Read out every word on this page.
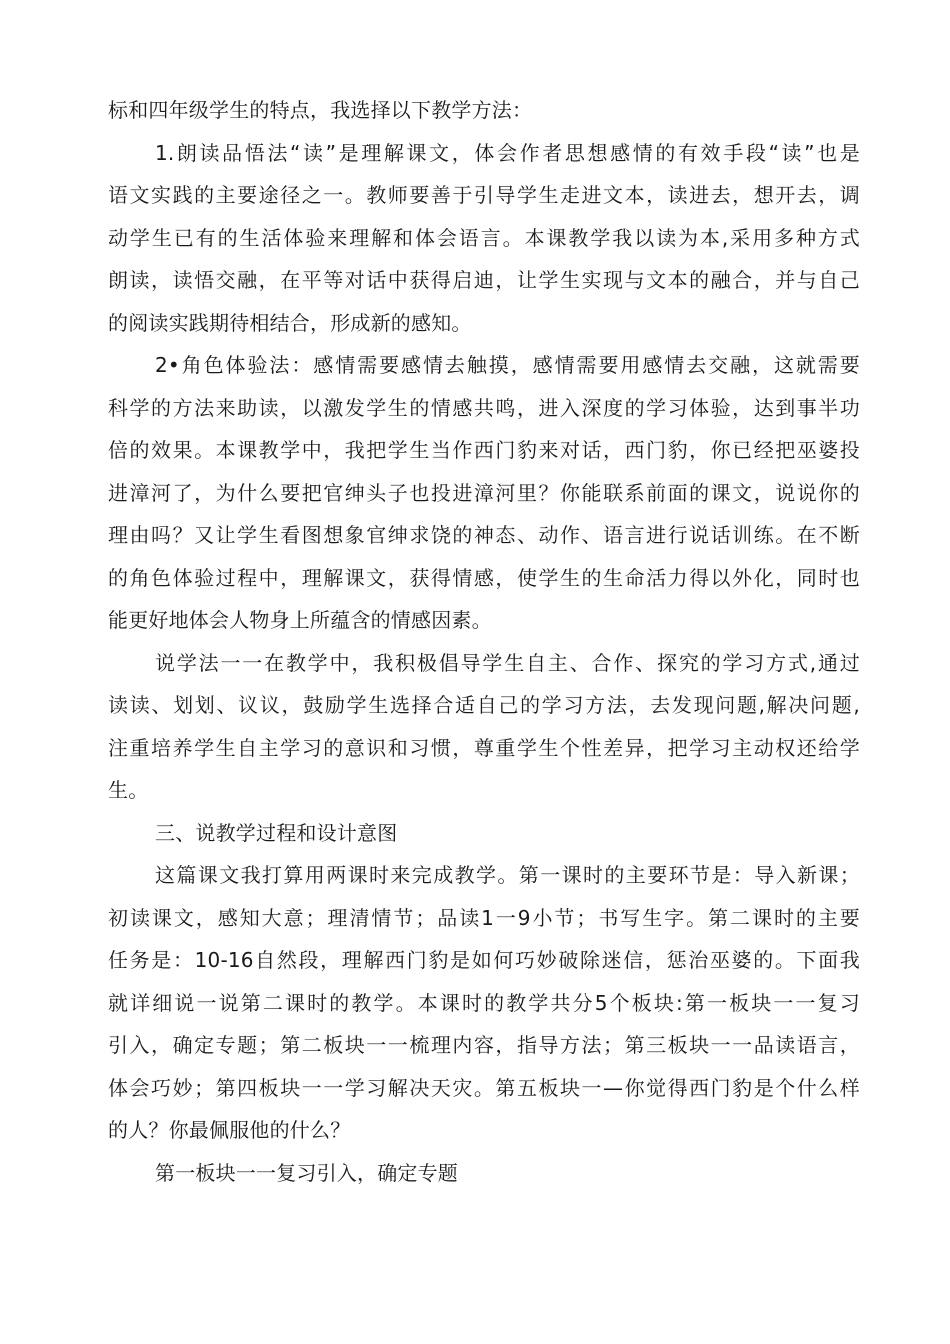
标和四年级学生的特点，我选择以下教学方法：
1.朗读品悟法“读”是理解课文，体会作者思想感情的有效手段“读”也是
语文实践的主要途径之一。教师要善于引导学生走进文本，读进去，想开去，调
动学生已有的生活体验来理解和体会语言。本课教学我以读为本,采用多种方式
朗读，读悟交融，在平等对话中获得启迪，让学生实现与文本的融合，并与自己
的阅读实践期待相结合，形成新的感知。
2•角色体验法：感情需要感情去触摸，感情需要用感情去交融，这就需要
科学的方法来助读，以激发学生的情感共鸣，进入深度的学习体验，达到事半功
倍的效果。本课教学中，我把学生当作西门豹来对话，西门豹，你已经把巫婆投
进漳河了，为什么要把官绅头子也投进漳河里？你能联系前面的课文，说说你的
理由吗？又让学生看图想象官绅求饶的神态、动作、语言进行说话训练。在不断
的角色体验过程中，理解课文，获得情感，使学生的生命活力得以外化，同时也
能更好地体会人物身上所蕴含的情感因素。
说学法一一在教学中，我积极倡导学生自主、合作、探究的学习方式,通过
读读、划划、议议，鼓励学生选择合适自己的学习方法，去发现问题,解决问题,
注重培养学生自主学习的意识和习惯，尊重学生个性差异，把学习主动权还给学
生。
三、说教学过程和设计意图
这篇课文我打算用两课时来完成教学。第一课时的主要环节是：导入新课；
初读课文，感知大意；理清情节；品读1一9小节；书写生字。第二课时的主要
任务是：10-16自然段，理解西门豹是如何巧妙破除迷信，惩治巫婆的。下面我
就详细说一说第二课时的教学。本课时的教学共分5个板块:第一板块一一复习
引入，确定专题；第二板块一一梳理内容，指导方法；第三板块一一品读语言，
体会巧妙；第四板块一一学习解决天灾。第五板块一—你觉得西门豹是个什么样
的人？你最佩服他的什么？
第一板块一一复习引入，确定专题
